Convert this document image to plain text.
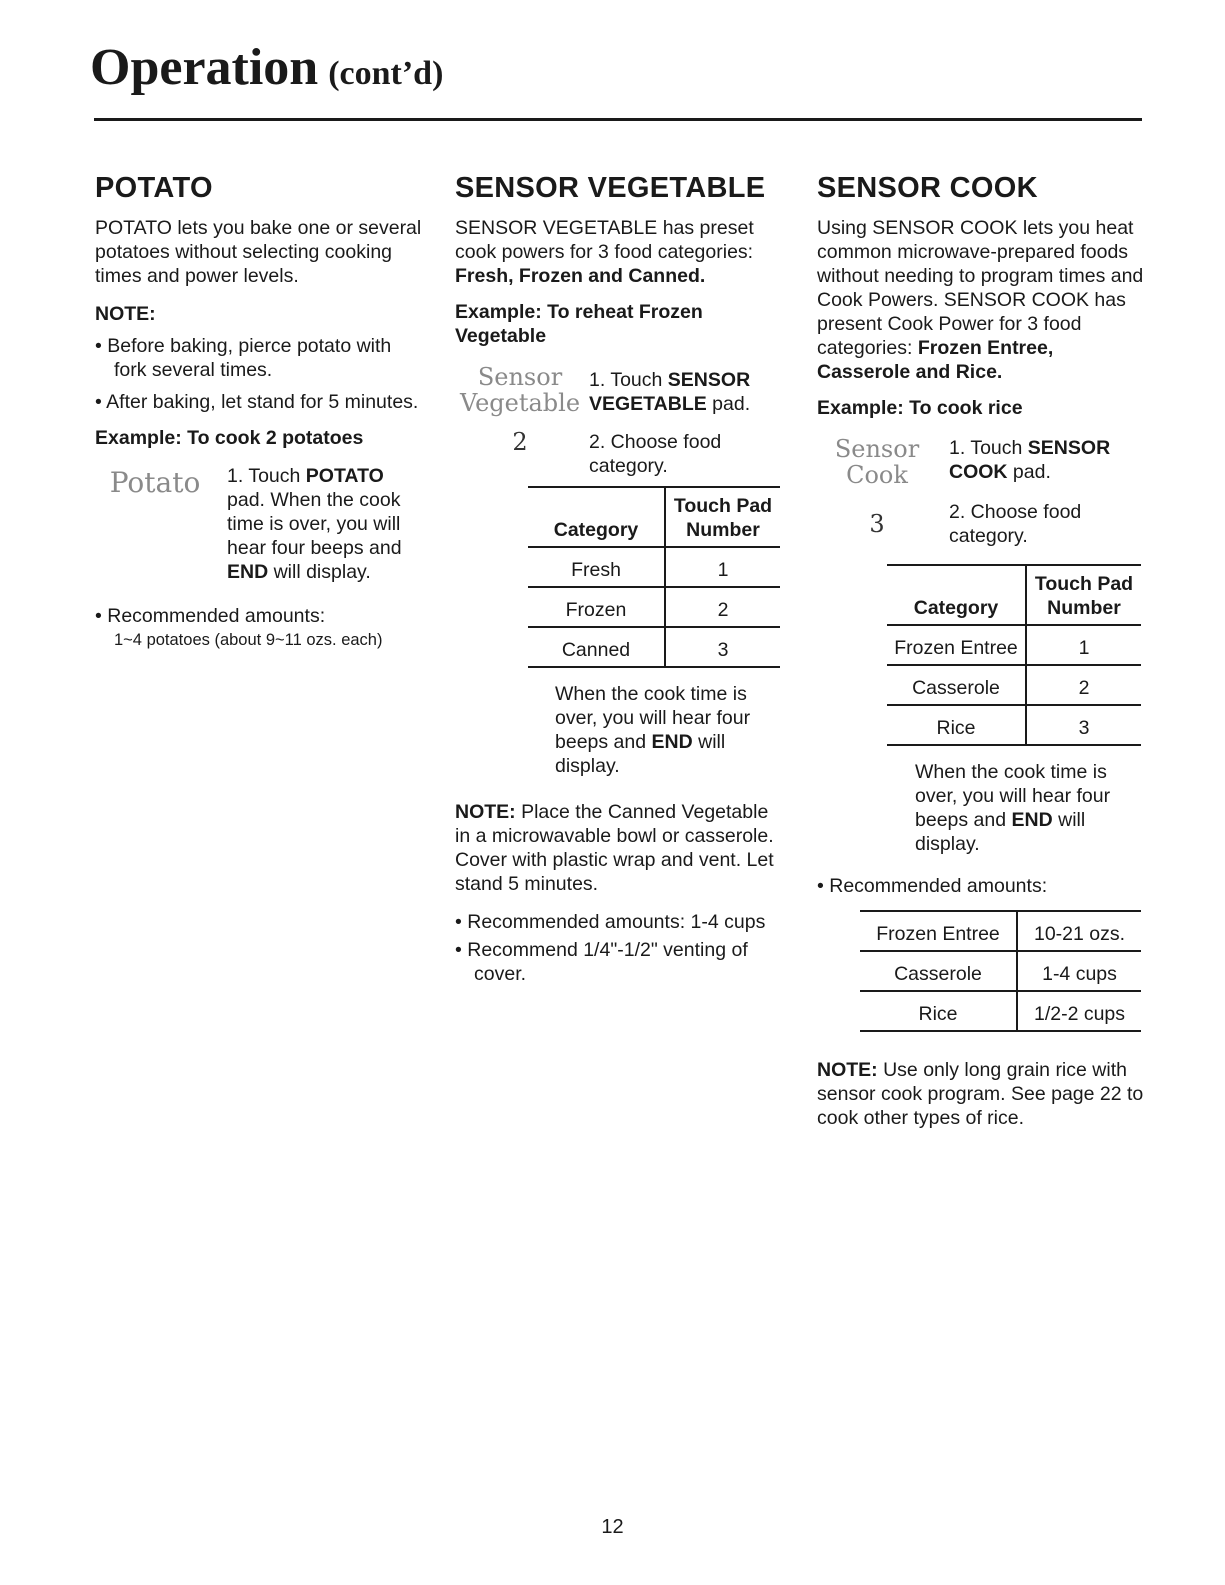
Operation (cont’d)
POTATO

POTATO lets you bake one or several potatoes without selecting cooking times and power levels.

NOTE:

• Before baking, pierce potato with fork several times.

• After baking, let stand for 5 minutes.

Example: To cook 2 potatoes

Potato	1. Touch POTATO pad. When the cook time is over, you will hear four beeps and END will display.

• Recommended amounts:

1~4 potatoes (about 9~11 ozs. each)

SENSOR VEGETABLE

SENSOR VEGETABLE has preset cook powers for 3 food categories:

Fresh, Frozen and Canned.

Example: To reheat Frozen Vegetable

Sensor
Vegetable
1. Touch SENSOR VEGETABLE pad.
2	2. Choose food category.
Category	Touch Pad Number
Fresh	1
Frozen	2
Canned	3

When the cook time is over, you will hear four beeps and END will display.

NOTE: Place the Canned Vegetable in a microwavable bowl or casserole. Cover with plastic wrap and vent. Let stand 5 minutes.

• Recommended amounts: 1-4 cups

• Recommend 1/4"-1/2" venting of cover.

SENSOR COOK

Using SENSOR COOK lets you heat common microwave-prepared foods without needing to program times and Cook Powers. SENSOR COOK has present Cook Power for 3 food categories: Frozen Entree, Casserole and Rice.

Example: To cook rice

Sensor
Cook
1. Touch SENSOR COOK pad.
3	2. Choose food category.
Category	Touch Pad Number
Frozen Entree	1
Casserole	2
Rice	3

When the cook time is over, you will hear four beeps and END will display.

• Recommended amounts:

Frozen Entree	10-21 ozs.
Casserole	1-4 cups
Rice	1/2-2 cups

NOTE: Use only long grain rice with sensor cook program. See page 22 to cook other types of rice.

12
